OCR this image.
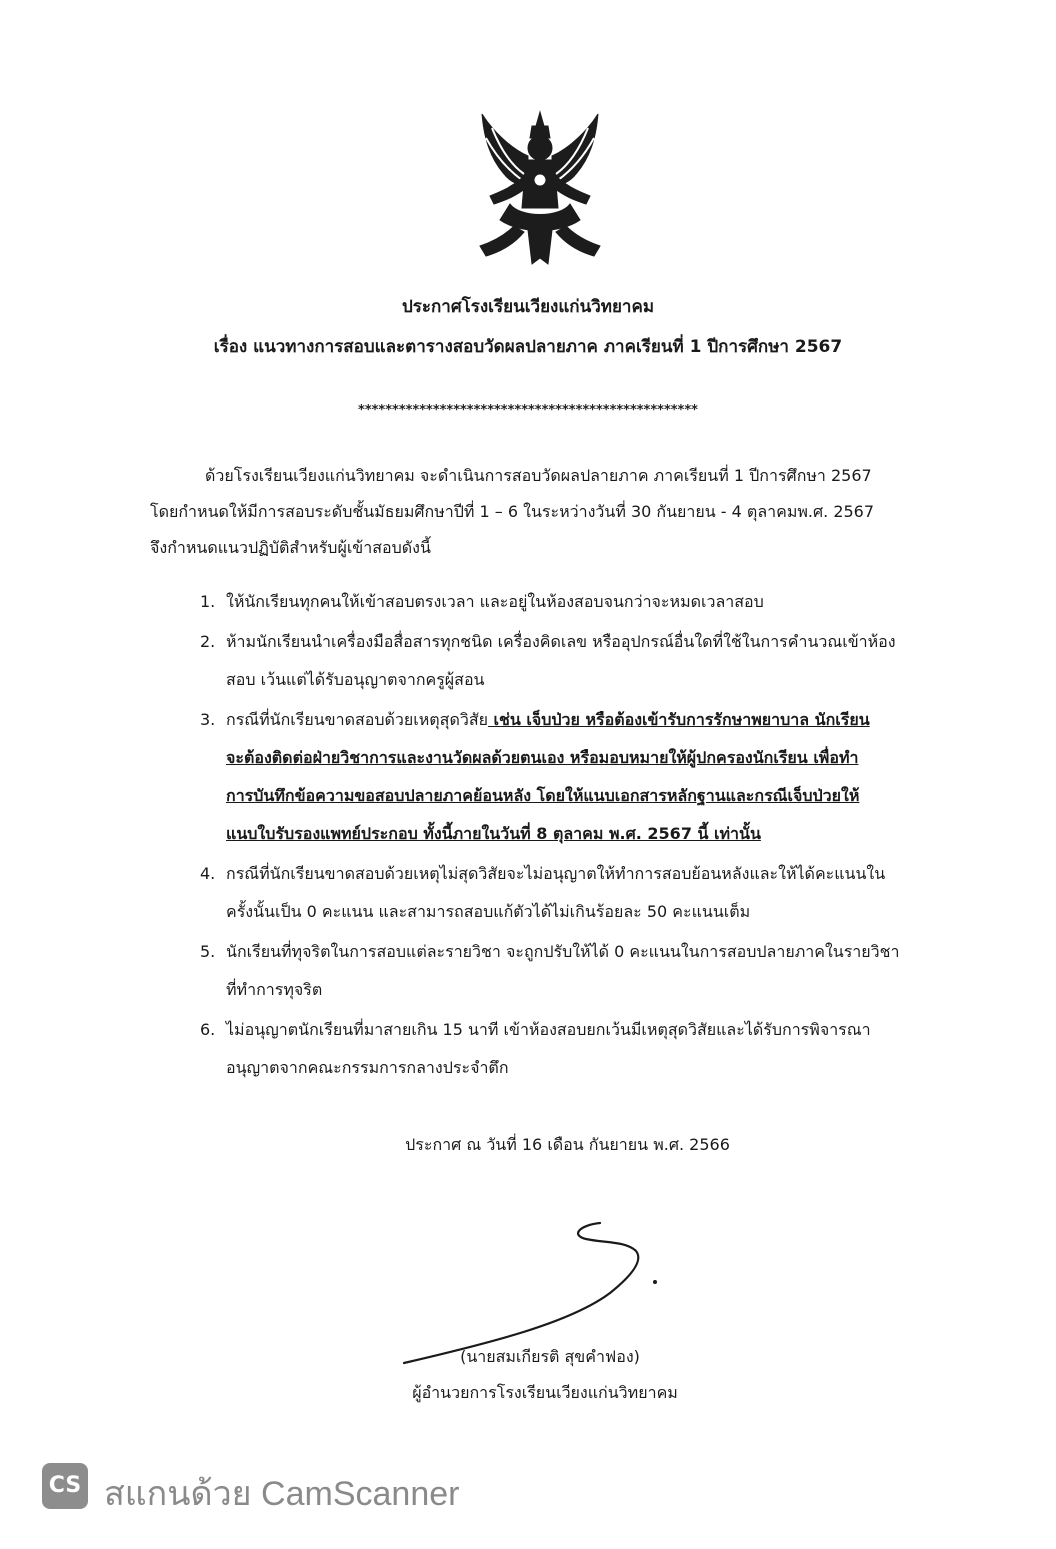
ประกาศโรงเรียนเวียงแก่นวิทยาคม
เรื่อง แนวทางการสอบและตารางสอบวัดผลปลายภาค ภาคเรียนที่ 1 ปีการศึกษา 2567
**************************************************
ด้วยโรงเรียนเวียงแก่นวิทยาคม จะดำเนินการสอบวัดผลปลายภาค ภาคเรียนที่ 1 ปีการศึกษา 2567
โดยกำหนดให้มีการสอบระดับชั้นมัธยมศึกษาปีที่ 1 – 6 ในระหว่างวันที่ 30 กันยายน - 4 ตุลาคมพ.ศ. 2567
จึงกำหนดแนวปฏิบัติสำหรับผู้เข้าสอบดังนี้
1. ให้นักเรียนทุกคนให้เข้าสอบตรงเวลา และอยู่ในห้องสอบจนกว่าจะหมดเวลาสอบ
2. ห้ามนักเรียนนำเครื่องมือสื่อสารทุกชนิด เครื่องคิดเลข หรืออุปกรณ์อื่นใดที่ใช้ในการคำนวณเข้าห้อง
สอบ เว้นแต่ได้รับอนุญาตจากครูผู้สอน
3. กรณีที่นักเรียนขาดสอบด้วยเหตุสุดวิสัย เช่น เจ็บป่วย หรือต้องเข้ารับการรักษาพยาบาล นักเรียน
จะต้องติดต่อฝ่ายวิชาการและงานวัดผลด้วยตนเอง หรือมอบหมายให้ผู้ปกครองนักเรียน เพื่อทำ
การบันทึกข้อความขอสอบปลายภาคย้อนหลัง โดยให้แนบเอกสารหลักฐานและกรณีเจ็บป่วยให้
แนบใบรับรองแพทย์ประกอบ ทั้งนี้ภายในวันที่ 8 ตุลาคม พ.ศ. 2567 นี้ เท่านั้น
4. กรณีที่นักเรียนขาดสอบด้วยเหตุไม่สุดวิสัยจะไม่อนุญาตให้ทำการสอบย้อนหลังและให้ได้คะแนนใน
ครั้งนั้นเป็น 0 คะแนน และสามารถสอบแก้ตัวได้ไม่เกินร้อยละ 50 คะแนนเต็ม
5. นักเรียนที่ทุจริตในการสอบแต่ละรายวิชา จะถูกปรับให้ได้ 0 คะแนนในการสอบปลายภาคในรายวิชา
ที่ทำการทุจริต
6. ไม่อนุญาตนักเรียนที่มาสายเกิน 15 นาที เข้าห้องสอบยกเว้นมีเหตุสุดวิสัยและได้รับการพิจารณา
อนุญาตจากคณะกรรมการกลางประจำตึก
ประกาศ ณ วันที่ 16 เดือน กันยายน พ.ศ. 2566
(นายสมเกียรติ สุขคำฟอง)
ผู้อำนวยการโรงเรียนเวียงแก่นวิทยาคม
CS สแกนด้วย CamScanner
